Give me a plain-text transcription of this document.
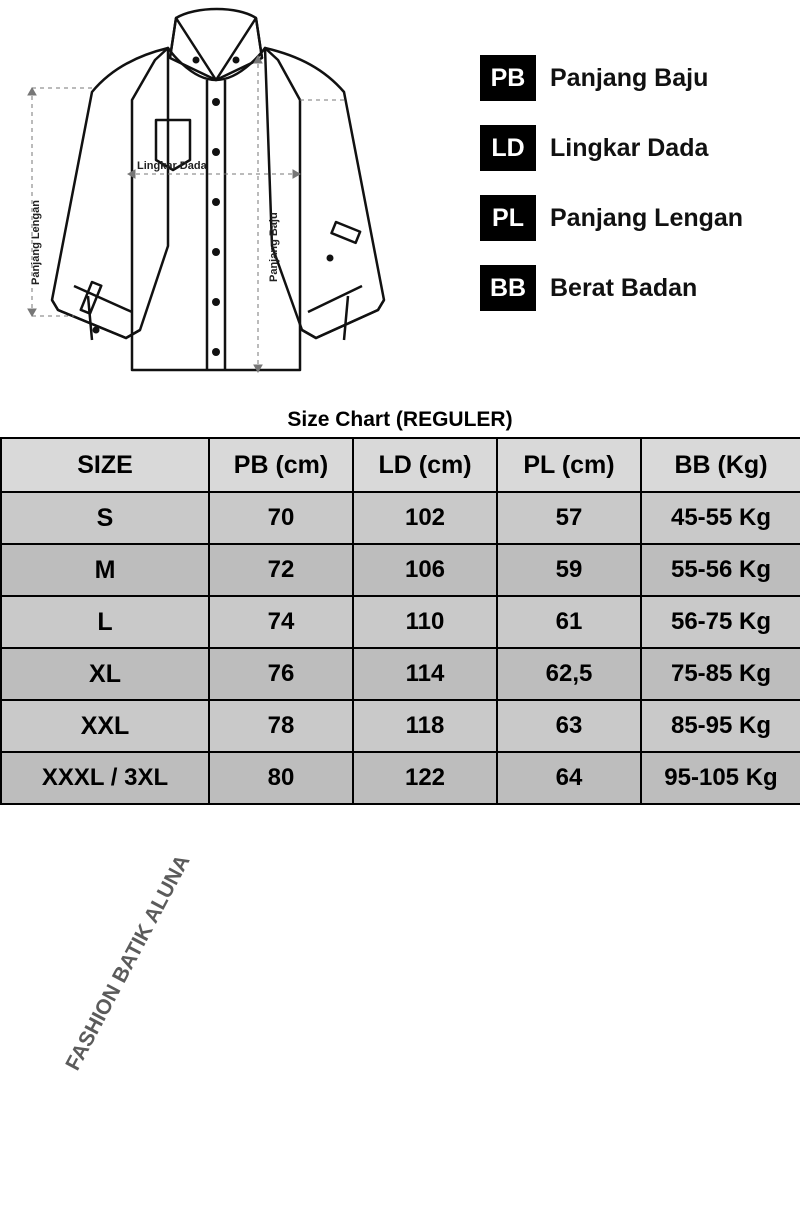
Lingkar Dada
Panjang Lengan	Panjang Baju
PB Panjang Baju
LD	Lingkar Dada
PL	Panjang Lengan
BB Berat Badan
Size Chart (REGULER)
SIZE	PB (cm)	LD (cm)	PL (cm)	BB (Kg)
S	70	102	57	45-55 Kg
M	72	106	59	55-56 Kg
L	74	110	61	56-75 Kg
XL	76	114	62,5	75-85 Kg
XXL	78	118	63	85-95 Kg
XXXL / 3XL	80	122	64	95-105 Kg
FASHION BATIK ALUNA
